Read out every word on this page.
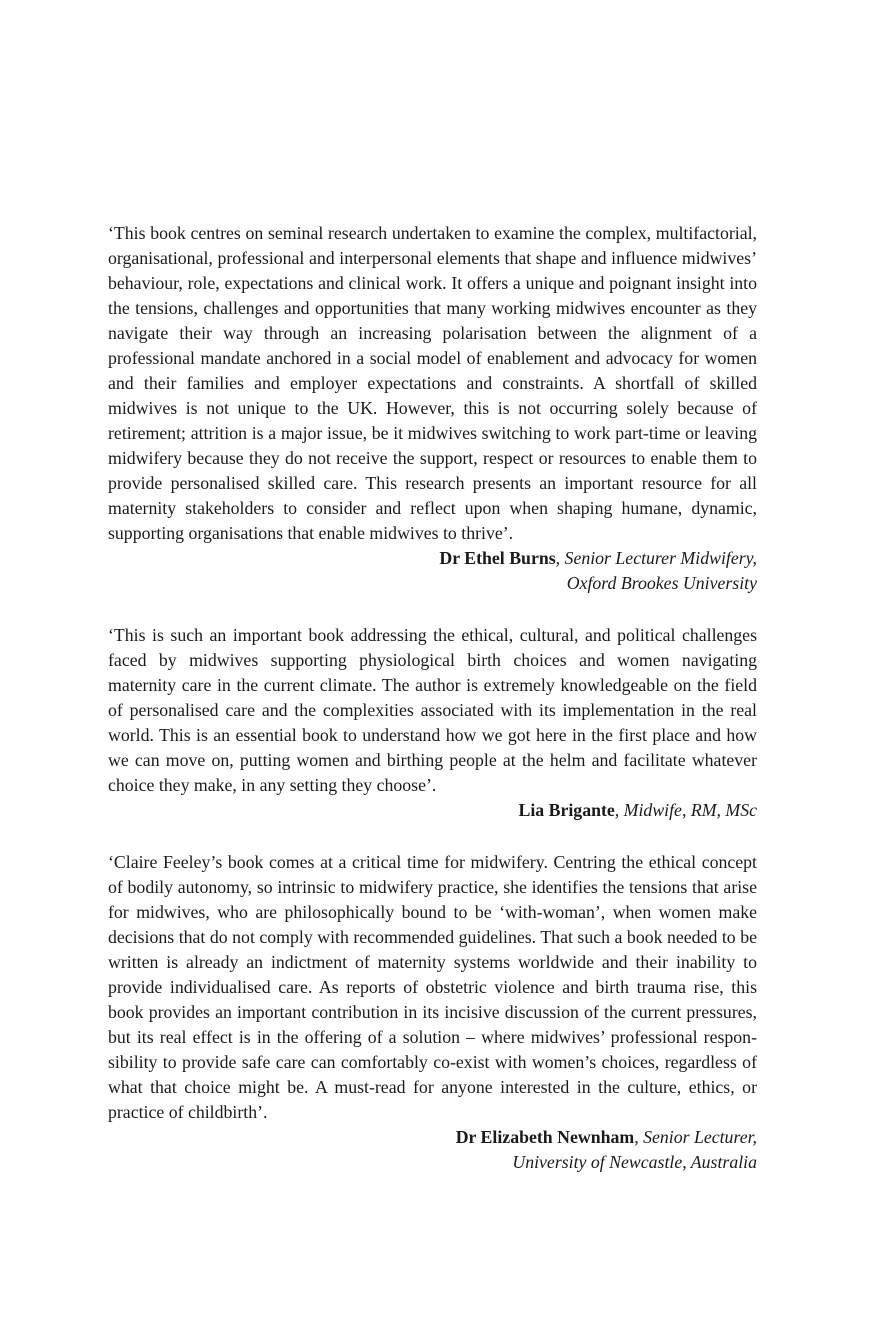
‘This book centres on seminal research undertaken to examine the complex, multifactorial, organisational, professional and interpersonal elements that shape and influence midwives’ behaviour, role, expectations and clinical work. It offers a unique and poignant insight into the tensions, challenges and opportunities that many working midwives encounter as they navigate their way through an increasing polarisation between the alignment of a professional mandate anchored in a social model of enablement and advocacy for women and their families and employer expectations and constraints. A shortfall of skilled midwives is not unique to the UK. However, this is not occurring solely because of retirement; attrition is a major issue, be it midwives switching to work part-time or leaving midwifery because they do not receive the support, respect or resources to enable them to provide personalised skilled care. This research presents an important resource for all maternity stakeholders to consider and reflect upon when shaping humane, dynamic, supporting organisations that enable midwives to thrive’.

Dr Ethel Burns, Senior Lecturer Midwifery,
Oxford Brookes University

‘This is such an important book addressing the ethical, cultural, and political challenges faced by midwives supporting physiological birth choices and women navigating maternity care in the current climate. The author is extremely knowledgeable on the field of personalised care and the complexities associated with its implementation in the real world. This is an essential book to understand how we got here in the first place and how we can move on, putting women and birthing people at the helm and facilitate whatever choice they make, in any setting they choose’.

Lia Brigante, Midwife, RM, MSc

‘Claire Feeley’s book comes at a critical time for midwifery. Centring the ethical concept of bodily autonomy, so intrinsic to midwifery practice, she identifies the tensions that arise for midwives, who are philosophically bound to be ‘with-woman’, when women make decisions that do not comply with recommended guidelines. That such a book needed to be written is already an indictment of maternity systems worldwide and their inability to provide individualised care. As reports of obstetric violence and birth trauma rise, this book provides an important contribution in its incisive discussion of the current pressures, but its real effect is in the offering of a solution – where midwives’ professional responsibility to provide safe care can comfortably co-exist with women’s choices, regardless of what that choice might be. A must-read for anyone interested in the culture, ethics, or practice of childbirth’.

Dr Elizabeth Newnham, Senior Lecturer,
University of Newcastle, Australia
